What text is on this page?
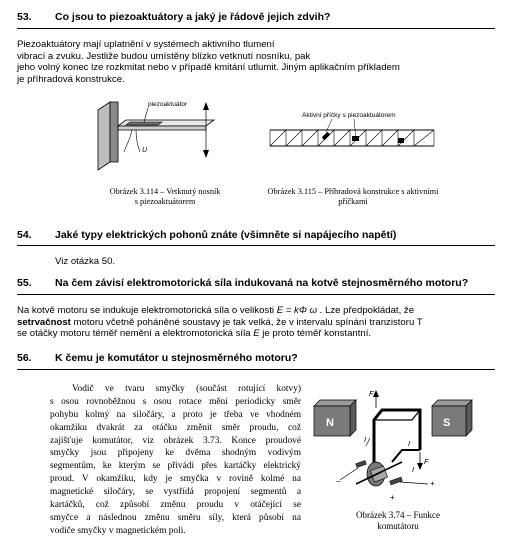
53. Co jsou to piezoaktuátory a jaký je řádově jejich zdvih?
Piezoaktuátory mají uplatnění v systémech aktivního tlumení
vibrací a zvuku. Jestliže budou umístěny blízko vetknutí nosníku, pak
jeho volný konec lze rozkmitat nebo v případě kmitání utlumit. Jiným aplikačním příkladem
je příhradová konstrukce.
piezoaktuátor
U
Obrázek 3.114 – Vetknutý nosník
s piezoaktuátorem
Aktivní příčky s piezoaktuátorem
Obrázek 3.115 – Příhradová konstrukce s aktivními
příčkami
54. Jaké typy elektrických pohonů znáte (všimněte si napájecího napětí)
Viz otázka 50.
55. Na čem závisí elektromotorická síla indukovaná na kotvě stejnosměrného motoru?
Na kotvě motoru se indukuje elektromotorická síla o velikosti E = kΦ ω . Lze předpokládat, že
setrvačnost motoru včetně poháněné soustavy je tak velká, že v intervalu spínání tranzistoru T
se otáčky motoru téměř nemění a elektromotorická síla E je proto téměř konstantní.
56. K čemu je komutátor u stejnosměrného motoru?
Vodič ve tvaru smyčky (součást rotující kotvy)
s osou rovnoběžnou s osou rotace mění periodicky směr
pohybu kolmý na siločáry, a proto je třeba ve vhodném
okamžiku dvakrát za otáčku změnit směr proudu, což
zajišťuje komutátor, viz obrázek 3.73. Konce proudové
smyčky jsou připojeny ke dvěma shodným vodivým
segmentům, ke kterým se přivádí přes kartáčky elektrický
proud. V okamžiku, kdy je smyčka v rovině kolmé na
magnetické siločáry, se vystřídá propojení segmentů a
kartáčků, což způsobí změnu proudu v otáčející se
smyčce a následnou změnu směru síly, která působí na
vodiče smyčky v magnetickém poli.
N	S
F
F
I	I
I
−	+
+
Obrázek 3.74 – Funkce
komutátoru
